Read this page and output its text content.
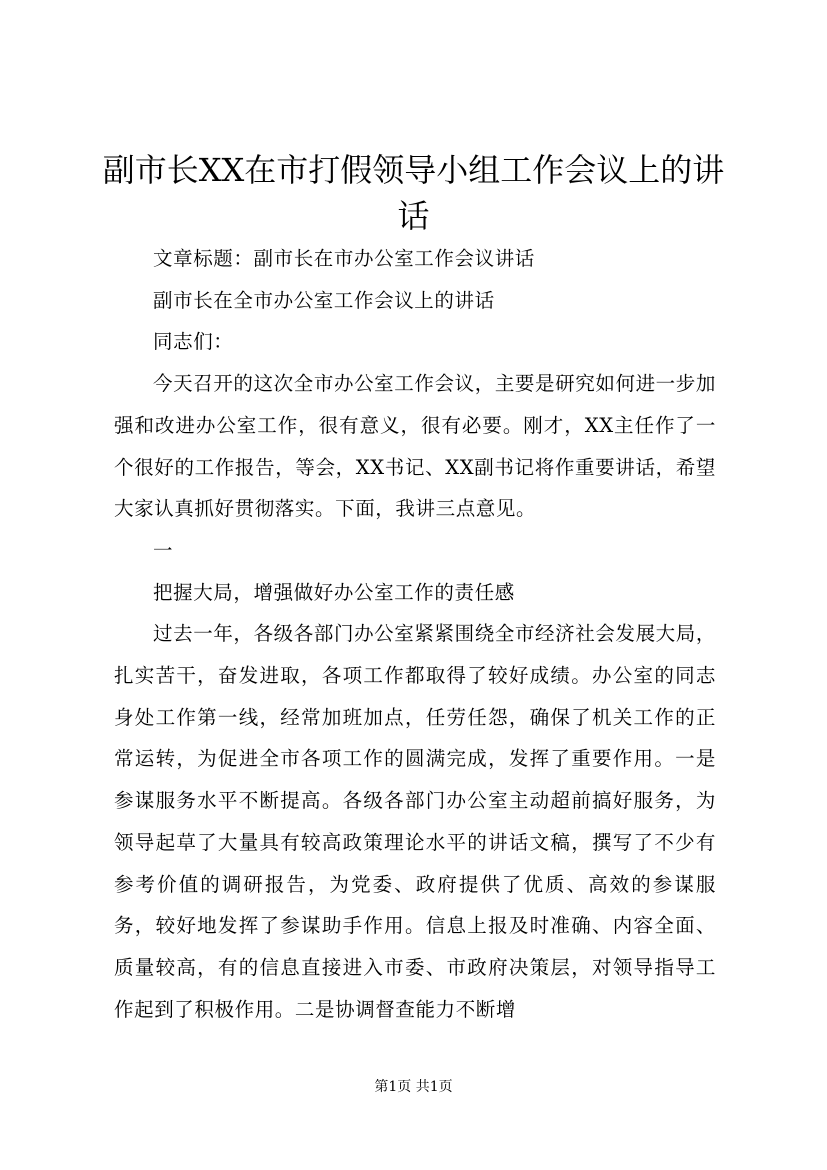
副市长XX在市打假领导小组工作会议上的讲话

文章标题：副市长在市办公室工作会议讲话

副市长在全市办公室工作会议上的讲话

同志们：

今天召开的这次全市办公室工作会议，主要是研究如何进一步加强和改进办公室工作，很有意义，很有必要。刚才，XX主任作了一个很好的工作报告，等会，XX书记、XX副书记将作重要讲话，希望大家认真抓好贯彻落实。下面，我讲三点意见。

一

把握大局，增强做好办公室工作的责任感

过去一年，各级各部门办公室紧紧围绕全市经济社会发展大局，扎实苦干，奋发进取，各项工作都取得了较好成绩。办公室的同志身处工作第一线，经常加班加点，任劳任怨，确保了机关工作的正常运转，为促进全市各项工作的圆满完成，发挥了重要作用。一是参谋服务水平不断提高。各级各部门办公室主动超前搞好服务，为领导起草了大量具有较高政策理论水平的讲话文稿，撰写了不少有参考价值的调研报告，为党委、政府提供了优质、高效的参谋服务，较好地发挥了参谋助手作用。信息上报及时准确、内容全面、质量较高，有的信息直接进入市委、市政府决策层，对领导指导工作起到了积极作用。二是协调督查能力不断增

第1页 共1页
